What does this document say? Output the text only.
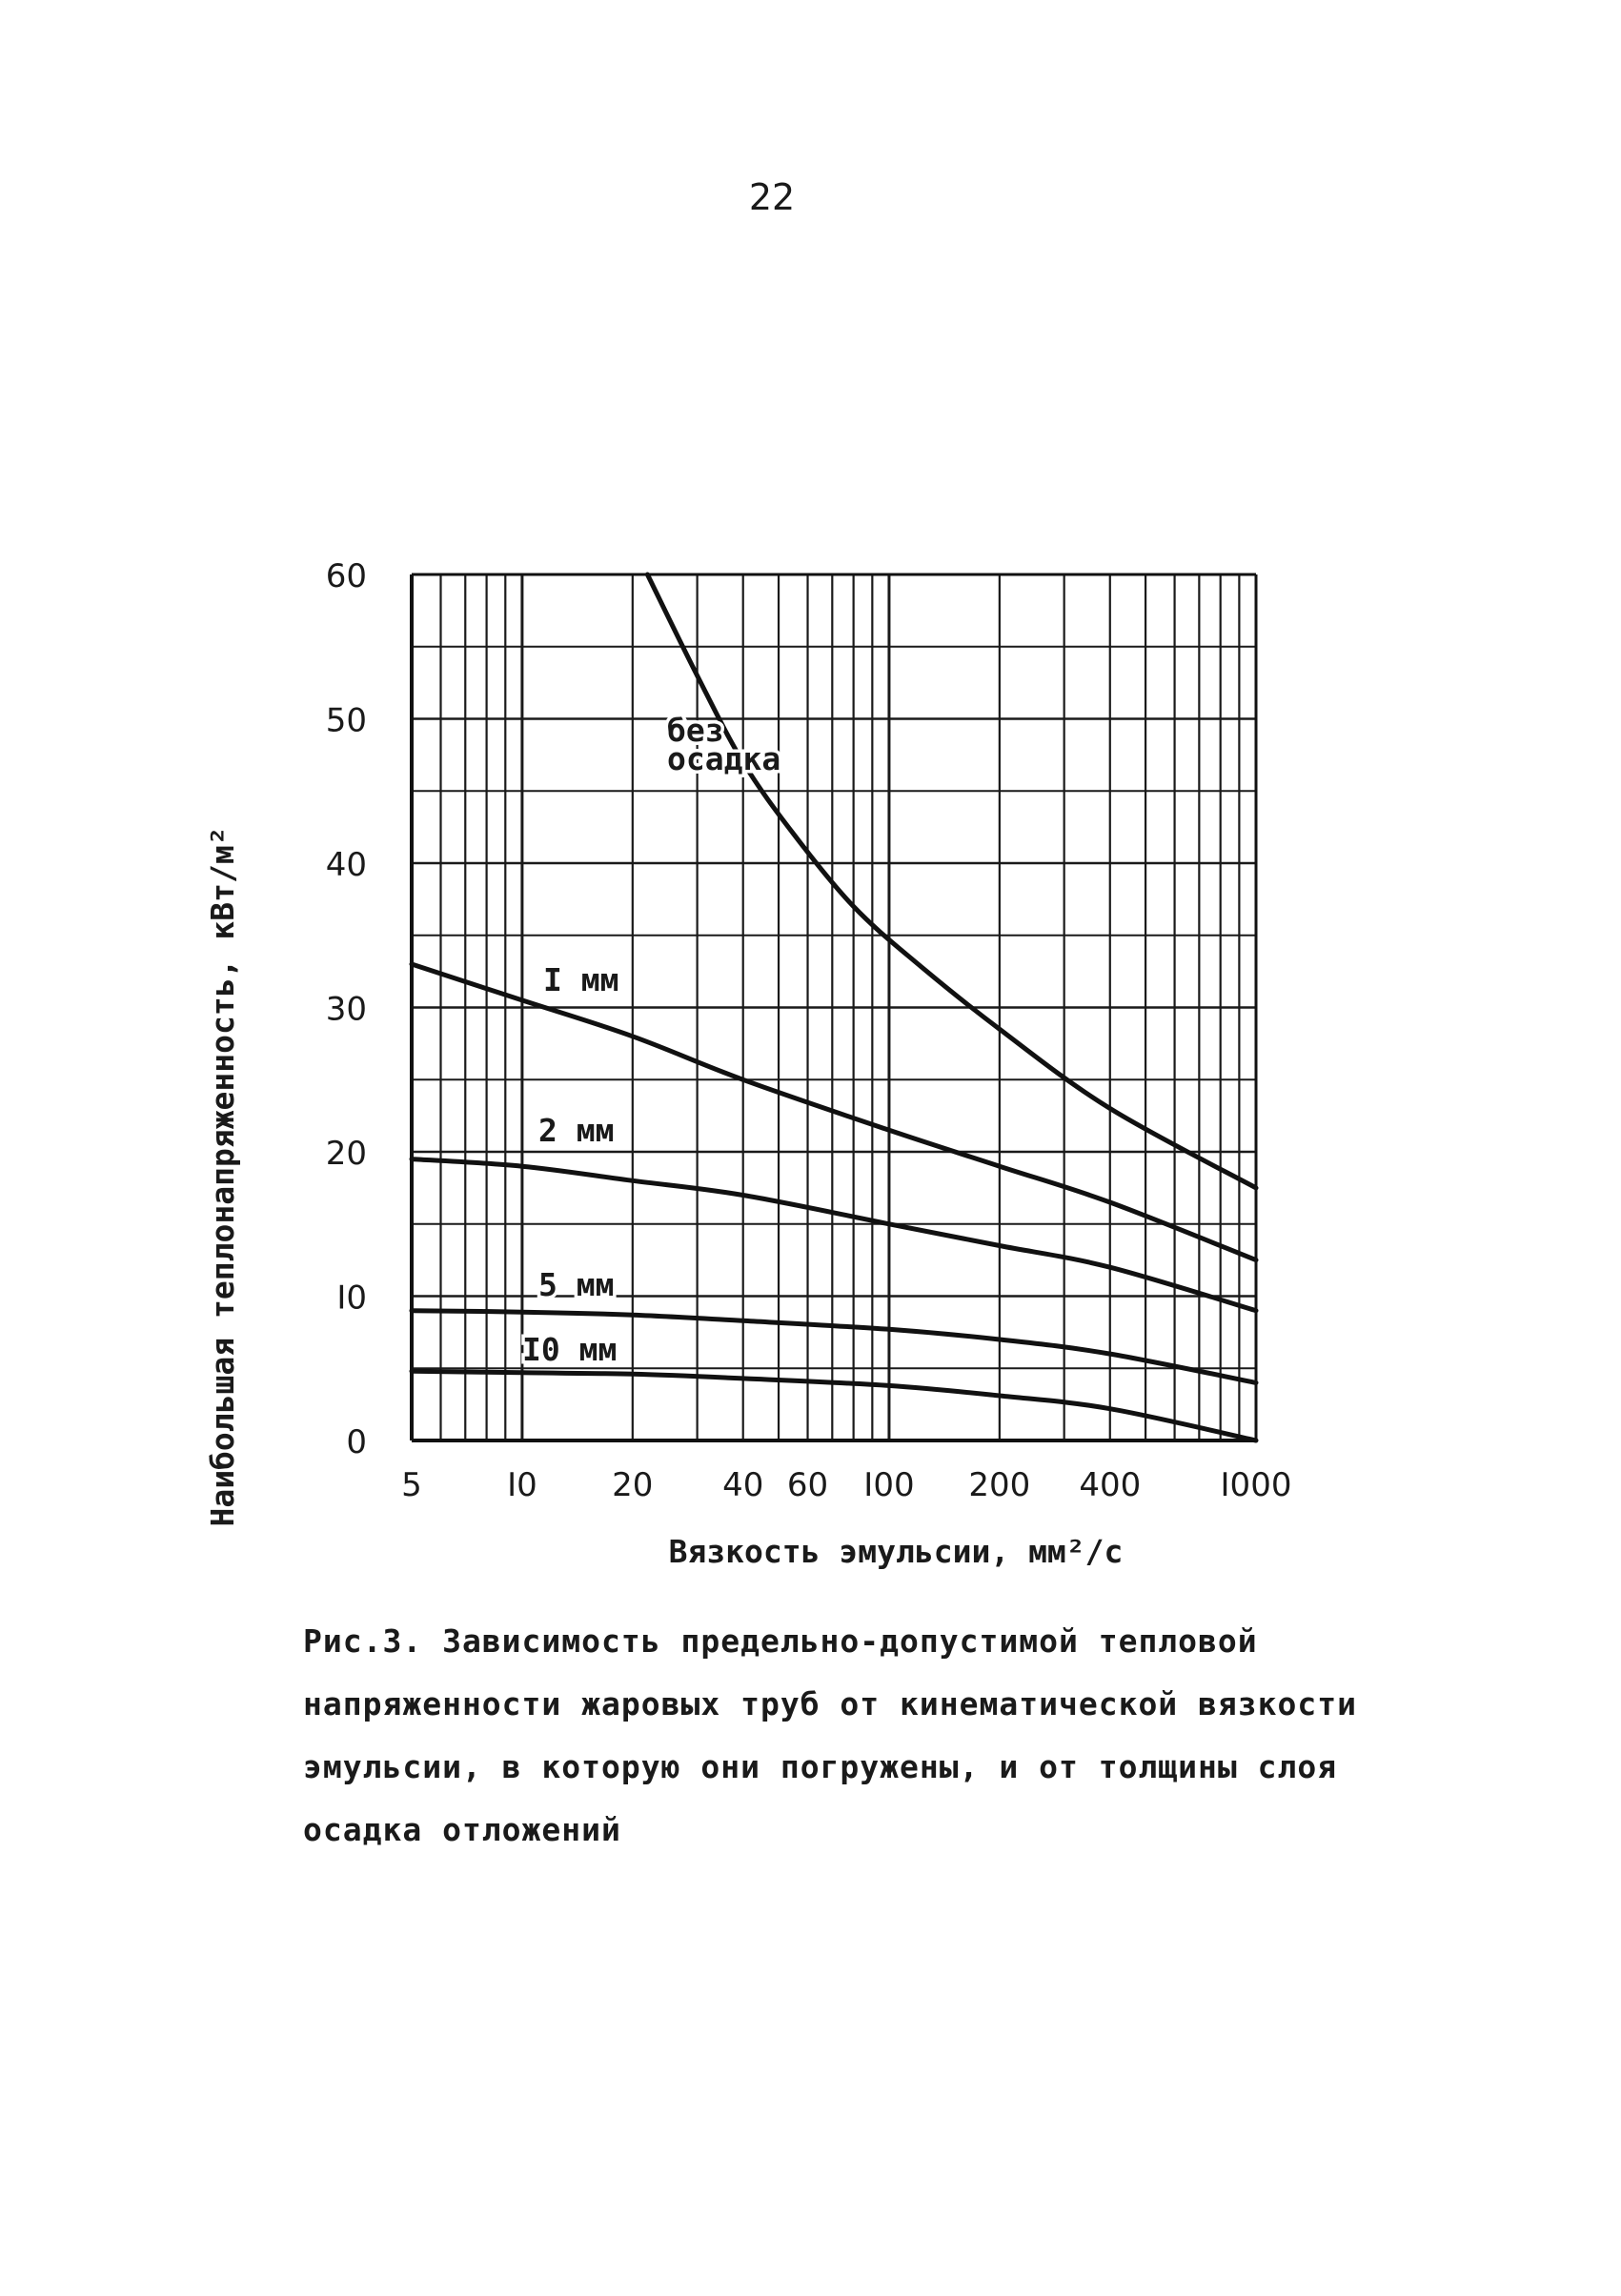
22
0
I0
20
30
40
50
60
5	I0 20 40 60 I00 200 400 I000
Вязкость эмульсии, мм²/с
Наибольшая теплонапряженность, кВт/м²
без
осадка
I мм
2 мм
5 мм
I0 мм
Рис.3. Зависимость предельно-допустимой тепловой
напряженности жаровых труб от кинематической вязкости
эмульсии, в которую они погружены, и от толщины слоя
осадка отложений
